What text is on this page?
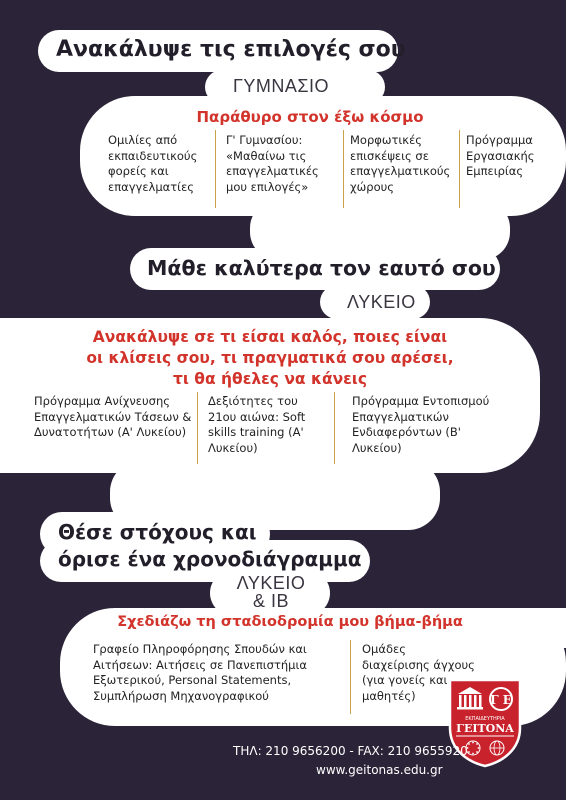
Ανακάλυψε τις επιλογές σου
ΓΥΜΝΑΣΙΟ
Παράθυρο στον έξω κόσμο
Ομιλίες από εκπαιδευτικούς φορείς και επαγγελματίες
Γ' Γυμνασίου: «Μαθαίνω τις επαγγελματικές μου επιλογές»
Μορφωτικές επισκέψεις σε επαγγελματικούς χώρους
Πρόγραμμα Εργασιακής Εμπειρίας
Μάθε καλύτερα τον εαυτό σου
ΛΥΚΕΙΟ
Ανακάλυψε σε τι είσαι καλός, ποιες είναι
οι κλίσεις σου, τι πραγματικά σου αρέσει,
τι θα ήθελες να κάνεις
Πρόγραμμα Ανίχνευσης Επαγγελματικών Τάσεων & Δυνατοτήτων (Α' Λυκείου)
Δεξιότητες του 21ου αιώνα: Soft skills training (Α' Λυκείου)
Πρόγραμμα Εντοπισμού Επαγγελματικών Ενδιαφερόντων (Β' Λυκείου)
Θέσε στόχους και
όρισε ένα χρονοδιάγραμμα
ΛΥΚΕΙΟ
& IB
Σχεδιάζω τη σταδιοδρομία μου βήμα-βήμα
Γραφείο Πληροφόρησης Σπουδών και Αιτήσεων: Αιτήσεις σε Πανεπιστήμια Εξωτερικού, Personal Statements, Συμπλήρωση Μηχανογραφικού
Ομάδες διαχείρισης άγχους (για γονείς και μαθητές)	Γ Ε
ΕΚΠΑΙΔΕΥΤΗΡΙΑ
ΓΕΙΤΟΝΑ
ΤΗΛ: 210 9656200 - FAX: 210 9655920
www.geitonas.edu.gr
